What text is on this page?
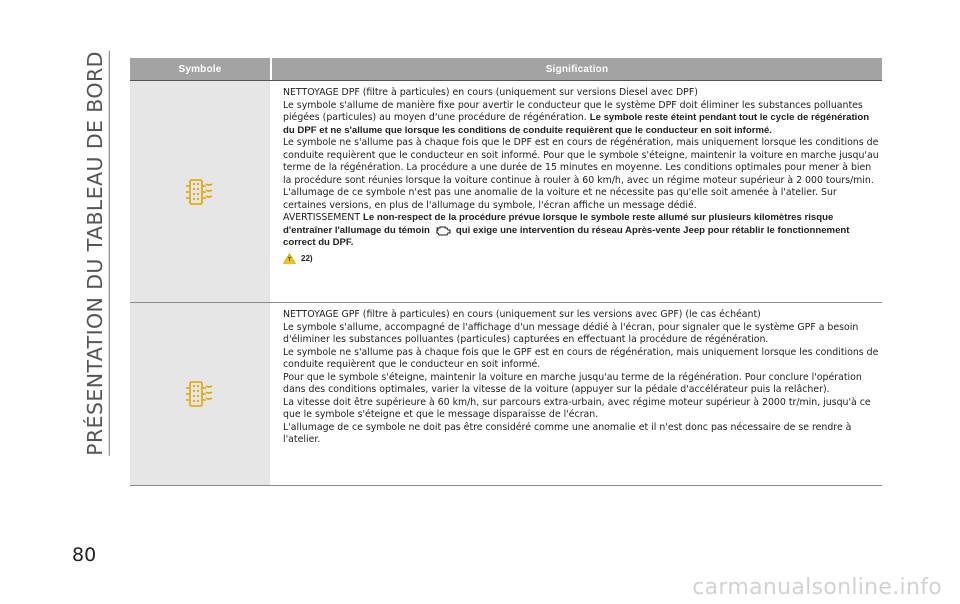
PRÉSENTATION DU TABLEAU DE BORD	Symbole	Signification
NETTOYAGE DPF (filtre à particules) en cours (uniquement sur versions Diesel avec DPF)
Le symbole s'allume de manière fixe pour avertir le conducteur que le système DPF doit éliminer les substances polluantes piégées (particules) au moyen d'une procédure de régénération. Le symbole reste éteint pendant tout le cycle de régénération du DPF et ne s'allume que lorsque les conditions de conduite requièrent que le conducteur en soit informé.
Le symbole ne s'allume pas à chaque fois que le DPF est en cours de régénération, mais uniquement lorsque les conditions de conduite requièrent que le conducteur en soit informé. Pour que le symbole s'éteigne, maintenir la voiture en marche jusqu'au terme de la régénération. La procédure a une durée de 15 minutes en moyenne. Les conditions optimales pour mener à bien la procédure sont réunies lorsque la voiture continue à rouler à 60 km/h, avec un régime moteur supérieur à 2 000 tours/min.
L'allumage de ce symbole n'est pas une anomalie de la voiture et ne nécessite pas qu'elle soit amenée à l'atelier. Sur certaines versions, en plus de l'allumage du symbole, l'écran affiche un message dédié.
AVERTISSEMENT Le non-respect de la procédure prévue lorsque le symbole reste allumé sur plusieurs kilomètres risque d'entraîner l'allumage du témoin	qui exige une intervention du réseau Après-vente Jeep pour rétablir le fonctionnement correct du DPF.
22)
NETTOYAGE GPF (filtre à particules) en cours (uniquement sur les versions avec GPF) (le cas échéant)
Le symbole s'allume, accompagné de l'affichage d'un message dédié à l'écran, pour signaler que le système GPF a besoin d'éliminer les substances polluantes (particules) capturées en effectuant la procédure de régénération.
Le symbole ne s'allume pas à chaque fois que le GPF est en cours de régénération, mais uniquement lorsque les conditions de conduite requièrent que le conducteur en soit informé.
Pour que le symbole s'éteigne, maintenir la voiture en marche jusqu'au terme de la régénération. Pour conclure l'opération dans des conditions optimales, varier la vitesse de la voiture (appuyer sur la pédale d'accélérateur puis la relâcher).
La vitesse doit être supérieure à 60 km/h, sur parcours extra-urbain, avec régime moteur supérieur à 2000 tr/min, jusqu'à ce que le symbole s'éteigne et que le message disparaisse de l'écran.
L'allumage de ce symbole ne doit pas être considéré comme une anomalie et il n'est donc pas nécessaire de se rendre à l'atelier.
80
carmanualsonline.info
